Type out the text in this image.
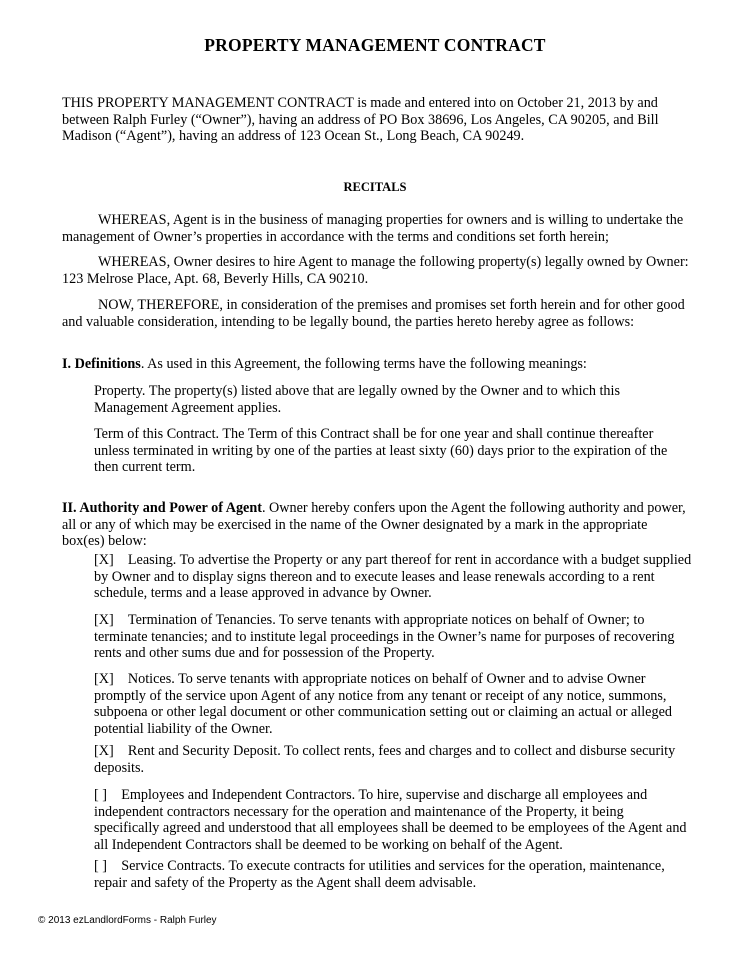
PROPERTY MANAGEMENT CONTRACT

THIS PROPERTY MANAGEMENT CONTRACT is made and entered into on October 21, 2013 by and between Ralph Furley (“Owner”), having an address of PO Box 38696, Los Angeles, CA 90205, and Bill Madison (“Agent”), having an address of 123 Ocean St., Long Beach, CA 90249.

RECITALS

WHEREAS, Agent is in the business of managing properties for owners and is willing to undertake the management of Owner’s properties in accordance with the terms and conditions set forth herein;

WHEREAS, Owner desires to hire Agent to manage the following property(s) legally owned by Owner: 123 Melrose Place, Apt. 68, Beverly Hills, CA 90210.

NOW, THEREFORE, in consideration of the premises and promises set forth herein and for other good and valuable consideration, intending to be legally bound, the parties hereto hereby agree as follows:

I. Definitions. As used in this Agreement, the following terms have the following meanings:

Property. The property(s) listed above that are legally owned by the Owner and to which this Management Agreement applies.

Term of this Contract. The Term of this Contract shall be for one year and shall continue thereafter unless terminated in writing by one of the parties at least sixty (60) days prior to the expiration of the then current term.

II. Authority and Power of Agent. Owner hereby confers upon the Agent the following authority and power, all or any of which may be exercised in the name of the Owner designated by a mark in the appropriate box(es) below:

[X] Leasing. To advertise the Property or any part thereof for rent in accordance with a budget supplied by Owner and to display signs thereon and to execute leases and lease renewals according to a rent schedule, terms and a lease approved in advance by Owner.

[X] Termination of Tenancies. To serve tenants with appropriate notices on behalf of Owner; to terminate tenancies; and to institute legal proceedings in the Owner’s name for purposes of recovering rents and other sums due and for possession of the Property.

[X] Notices. To serve tenants with appropriate notices on behalf of Owner and to advise Owner promptly of the service upon Agent of any notice from any tenant or receipt of any notice, summons, subpoena or other legal document or other communication setting out or claiming an actual or alleged potential liability of the Owner.

[X] Rent and Security Deposit. To collect rents, fees and charges and to collect and disburse security deposits.

[ ] Employees and Independent Contractors. To hire, supervise and discharge all employees and independent contractors necessary for the operation and maintenance of the Property, it being specifically agreed and understood that all employees shall be deemed to be employees of the Agent and all Independent Contractors shall be deemed to be working on behalf of the Agent.

[ ] Service Contracts. To execute contracts for utilities and services for the operation, maintenance, repair and safety of the Property as the Agent shall deem advisable.

© 2013 ezLandlordForms - Ralph Furley
